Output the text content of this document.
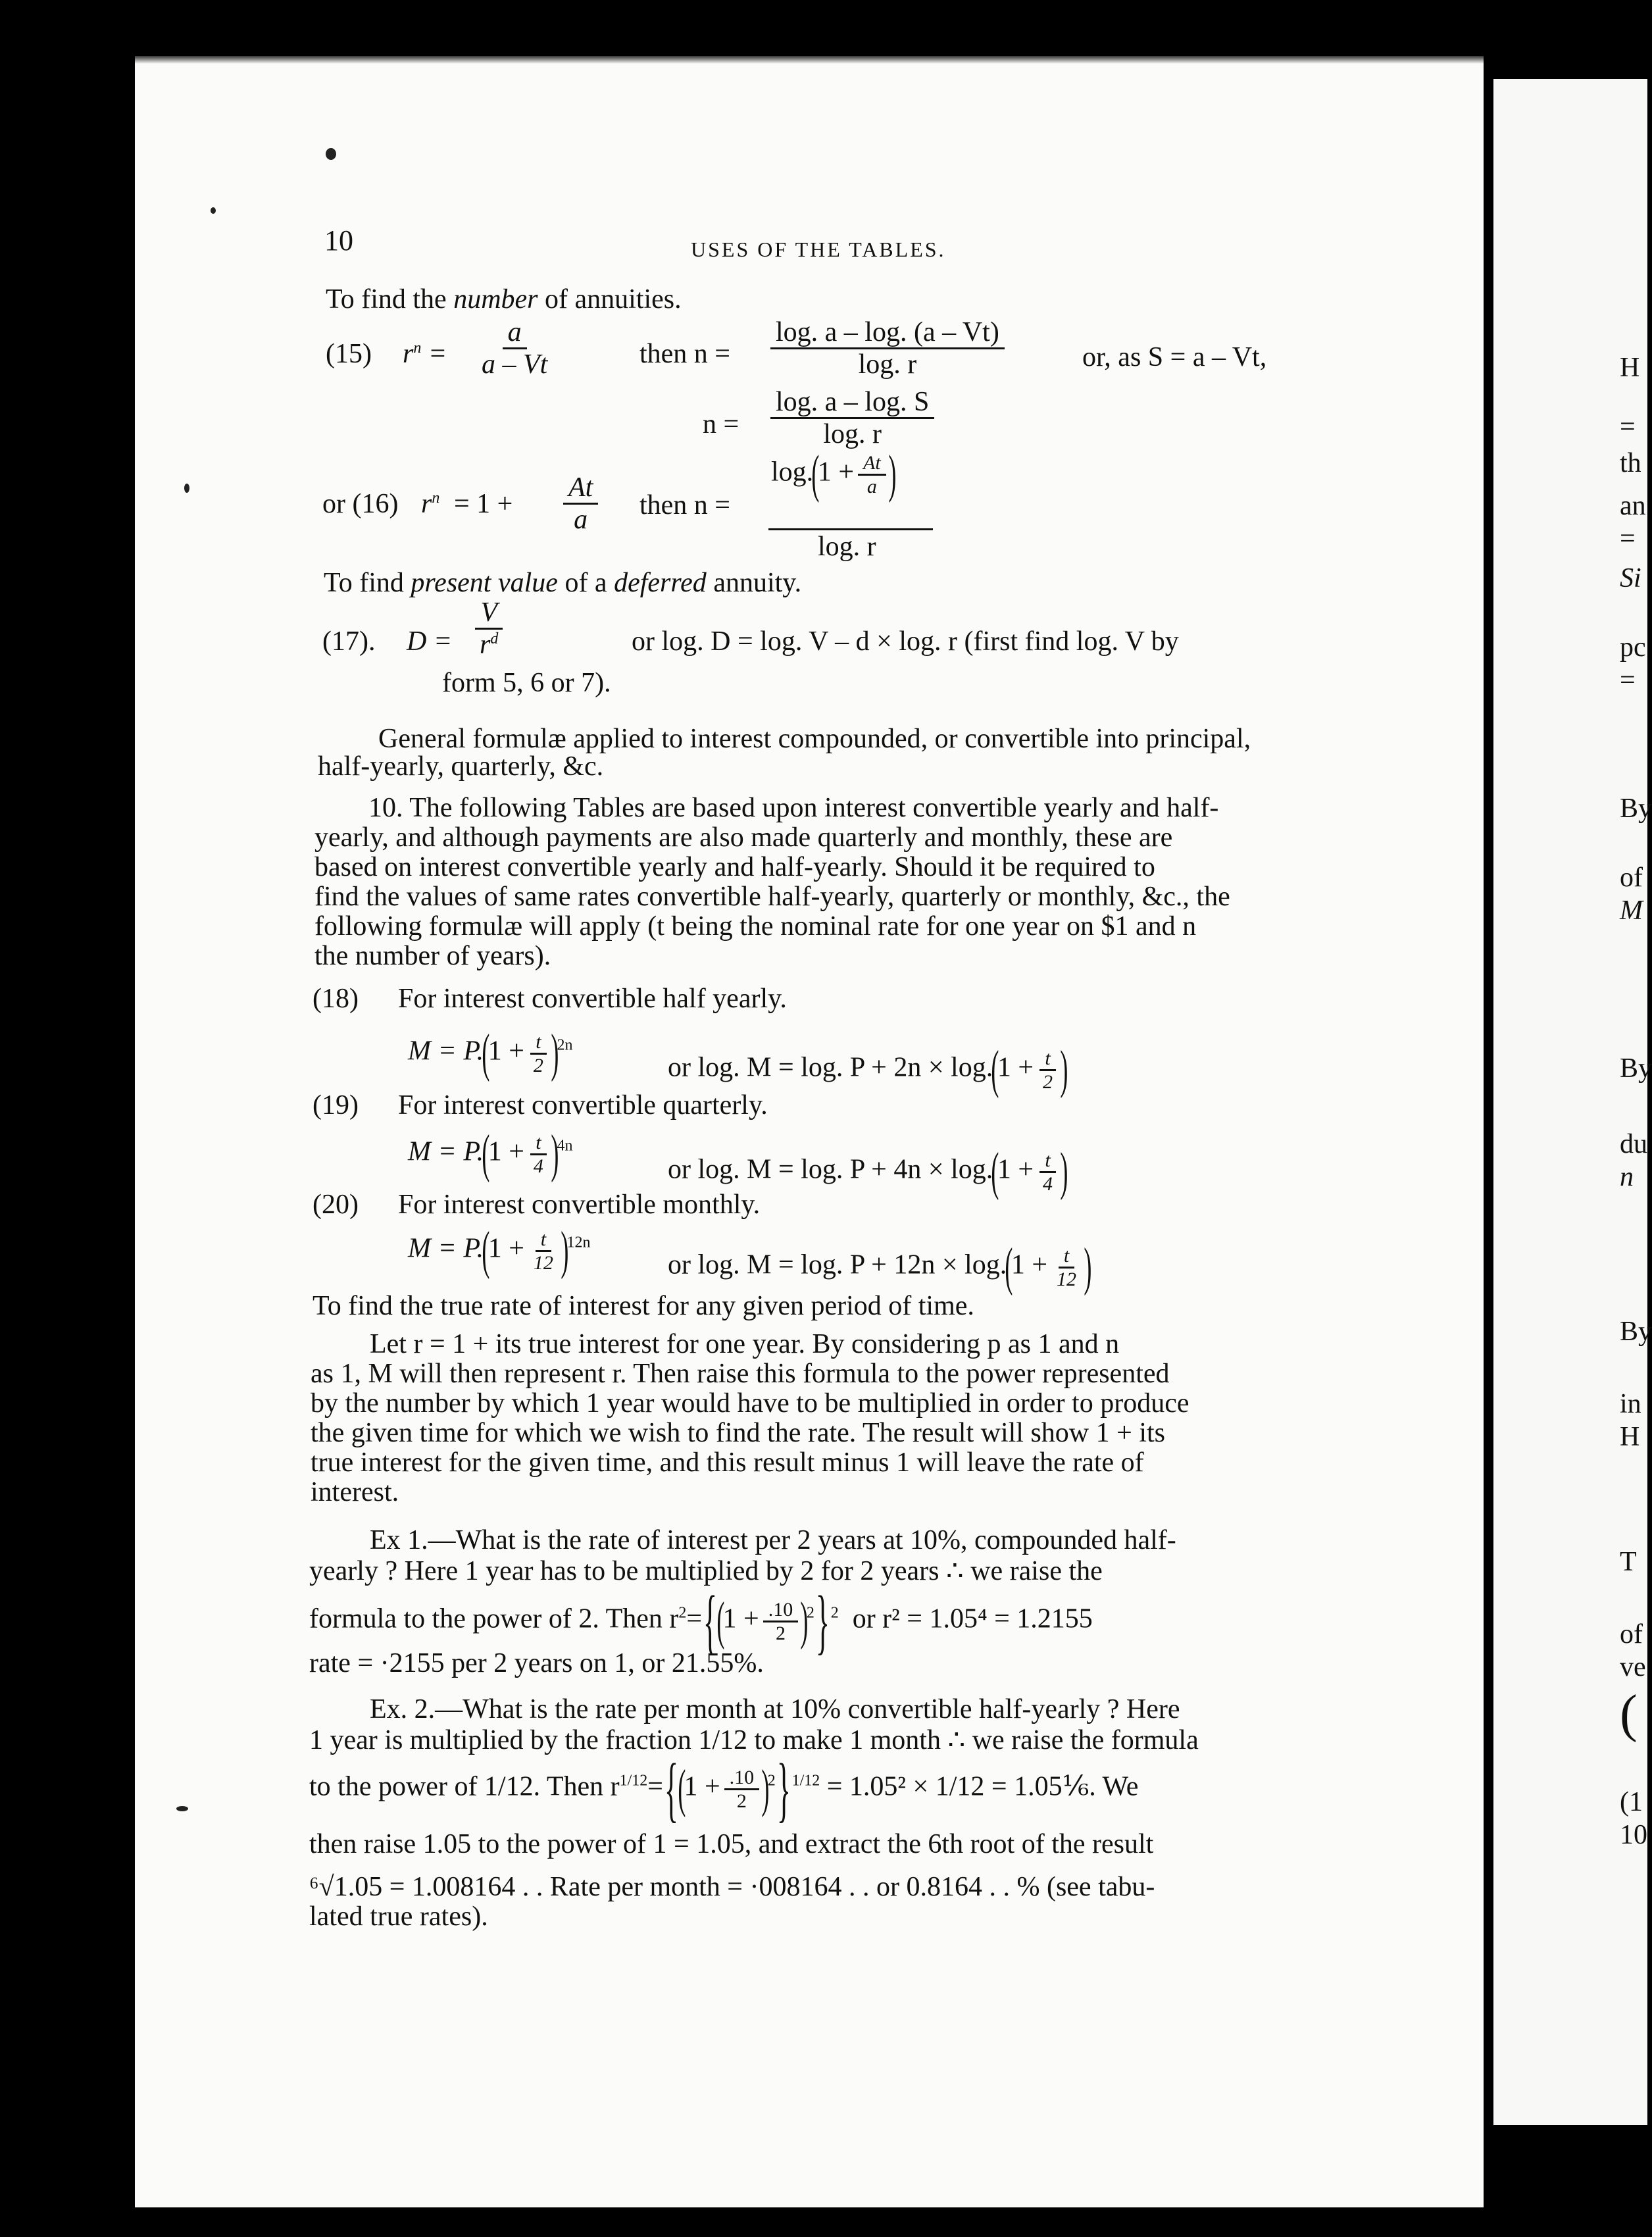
H
=
th
an
=
Si
pc
=
By
of
M
By
du
n
By
in
H
T
of
ve
(
(1
10
10	USES OF THE TABLES.
To find the number of annuities.
(15) $r^n = \frac{a}{a - Vt}$	then $n = \frac{\log. a - \log. (a - Vt)}{\log. r}$	or, as S = a – Vt,
$n = \frac{\log. a - \log. S}{\log. r}$
or (16) $r^n = 1 + \frac{At}{a}$ then n =
$\log.(1 + \frac{At}{a}$ )
log. r
To find present value of a deferred annuity.
(17). $D = \frac{V}{r^d}$	or log. D = log. V – d × log. r (first find log. V by
form 5, 6 or 7).
General formulæ applied to interest compounded, or convertible into principal,
half-yearly, quarterly, &c.
10. The following Tables are based upon interest convertible yearly and half-
yearly, and although payments are also made quarterly and monthly, these are
based on interest convertible yearly and half-yearly. Should it be required to
find the values of same rates convertible half-yearly, quarterly or monthly, &c., the
following formulæ will apply (t being the nominal rate for one year on $1 and n
the number of years).
(18) For interest convertible half yearly.
$M = P.(1 + \frac{t}{2} )^{2n}$
or log. M = log. $P + 2n \times \log.(1 + \frac{t}{2}$ )
(19) For interest convertible quarterly.
$M = P.(1 + \frac{t}{4} )^{4n}$
or log. M = log. $P + 4n \times \log.(1 + \frac{t}{4}$ )
(20) For interest convertible monthly.
$M = P.(1 + \frac{t}{12} )^{12n}$
or log. M = log. $P + 12n \times \log.(1 + \frac{t}{12}$ )
To find the true rate of interest for any given period of time.
Let r = 1 + its true interest for one year. By considering p as 1 and n
as 1, M will then represent r. Then raise this formula to the power represented
by the number by which 1 year would have to be multiplied in order to produce
the given time for which we wish to find the rate. The result will show 1 + its
true interest for the given time, and this result minus 1 will leave the rate of
interest.
Ex 1.—What is the rate of interest per 2 years at 10%, compounded half-
yearly ? Here 1 year has to be multiplied by 2 for 2 years ∴ we raise the
formula to the power of 2. Then $r^2=\{(1 + \frac{.10}{2} )^2\}^2$ or r² = 1.05⁴ = 1.2155
rate = ·2155 per 2 years on 1, or 21.55%.
Ex. 2.—What is the rate per month at 10% convertible half-yearly ? Here
1 year is multiplied by the fraction 1/12 to make 1 month ∴ we raise the formula
to the power of 1/12. Then $r^{1/12}=\{(1 + \frac{.10}{2} )^2\}^{1/12} = 1.05^2 \times 1/12$ = 1.05⅙. We
then raise 1.05 to the power of 1 = 1.05, and extract the 6th root of the result
⁶√1.05 = 1.008164 . . Rate per month = ·008164 . . or 0.8164 . . % (see tabu-
lated true rates).
